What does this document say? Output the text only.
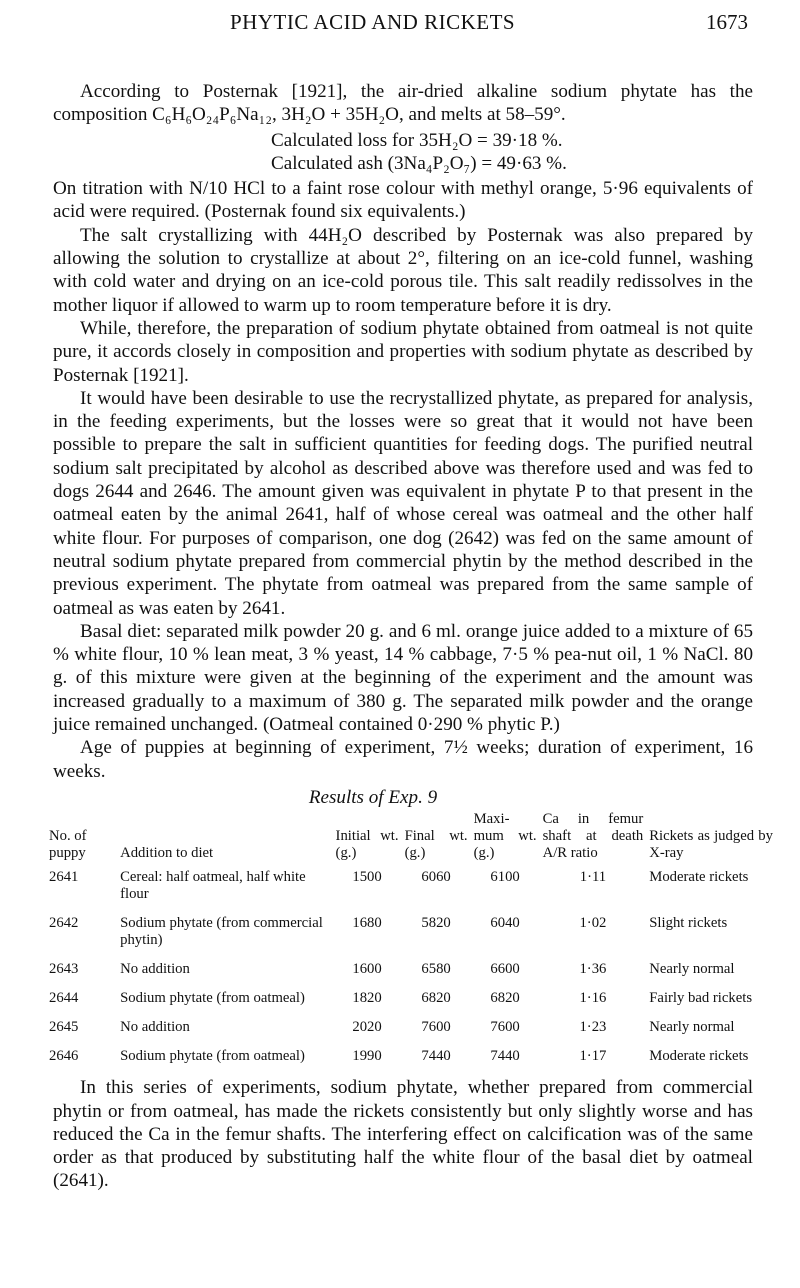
PHYTIC ACID AND RICKETS	1673

According to Posternak [1921], the air-dried alkaline sodium phytate has the composition C₆H₆O₂₄P₆Na₁₂, 3H₂O + 35H₂O, and melts at 58–59°.

Calculated loss for 35H₂O = 39·18 %.
Calculated ash (3Na₄P₂O₇) = 49·63 %.

On titration with N/10 HCl to a faint rose colour with methyl orange, 5·96 equivalents of acid were required. (Posternak found six equivalents.)

The salt crystallizing with 44H₂O described by Posternak was also prepared by allowing the solution to crystallize at about 2°, filtering on an ice-cold funnel, washing with cold water and drying on an ice-cold porous tile. This salt readily redissolves in the mother liquor if allowed to warm up to room temperature before it is dry.

While, therefore, the preparation of sodium phytate obtained from oatmeal is not quite pure, it accords closely in composition and properties with sodium phytate as described by Posternak [1921].

It would have been desirable to use the recrystallized phytate, as prepared for analysis, in the feeding experiments, but the losses were so great that it would not have been possible to prepare the salt in sufficient quantities for feeding dogs. The purified neutral sodium salt precipitated by alcohol as described above was therefore used and was fed to dogs 2644 and 2646. The amount given was equivalent in phytate P to that present in the oatmeal eaten by the animal 2641, half of whose cereal was oatmeal and the other half white flour. For purposes of comparison, one dog (2642) was fed on the same amount of neutral sodium phytate prepared from commercial phytin by the method described in the previous experiment. The phytate from oatmeal was prepared from the same sample of oatmeal as was eaten by 2641.

Basal diet: separated milk powder 20 g. and 6 ml. orange juice added to a mixture of 65 % white flour, 10 % lean meat, 3 % yeast, 14 % cabbage, 7·5 % pea-nut oil, 1 % NaCl. 80 g. of this mixture were given at the beginning of the experiment and the amount was increased gradually to a maximum of 380 g. The separated milk powder and the orange juice remained unchanged. (Oatmeal contained 0·290 % phytic P.)

Age of puppies at beginning of experiment, 7½ weeks; duration of experiment, 16 weeks.

Results of Exp. 9
No. of puppy	Addition to diet	Initial wt. (g.)	Final wt. (g.)	Maxi-mum wt. (g.)	Ca in femur shaft at death A/R ratio	Rickets as judged by X-ray
2641	Cereal: half oatmeal, half white flour	1500	6060	6100	1·11	Moderate rickets
2642	Sodium phytate (from commercial phytin)	1680	5820	6040	1·02	Slight rickets
2643	No addition	1600	6580	6600	1·36	Nearly normal
2644	Sodium phytate (from oatmeal)	1820	6820	6820	1·16	Fairly bad rickets
2645	No addition	2020	7600	7600	1·23	Nearly normal
2646	Sodium phytate (from oatmeal)	1990	7440	7440	1·17	Moderate rickets

In this series of experiments, sodium phytate, whether prepared from commercial phytin or from oatmeal, has made the rickets consistently but only slightly worse and has reduced the Ca in the femur shafts. The interfering effect on calcification was of the same order as that produced by substituting half the white flour of the basal diet by oatmeal (2641).
